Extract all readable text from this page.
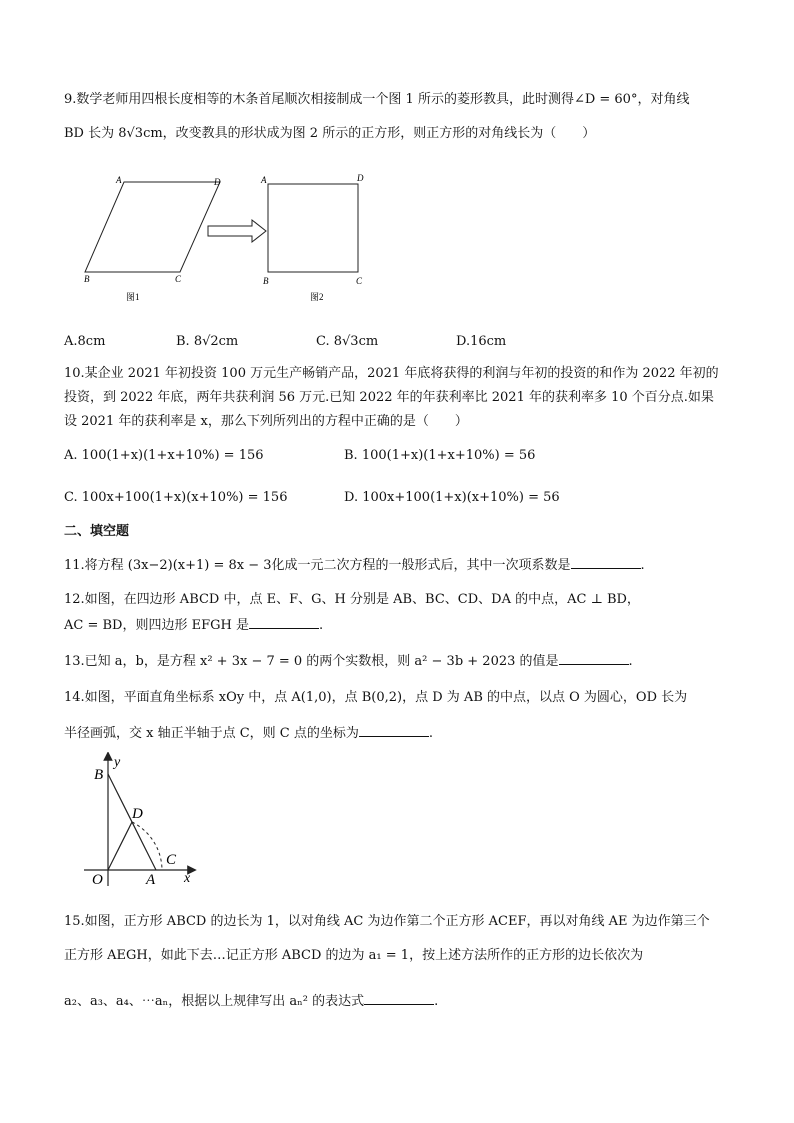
9.数学老师用四根长度相等的木条首尾顺次相接制成一个图 1 所示的菱形教具，此时测得∠D = 60°，对角线
BD 长为 8√3cm，改变教具的形状成为图 2 所示的正方形，则正方形的对角线长为（　　）
A	D
B	C
图1
A	D
B	C
图2
A.8cm	B. 8√2cm	C. 8√3cm	D.16cm
10.某企业 2021 年初投资 100 万元生产畅销产品，2021 年底将获得的利润与年初的投资的和作为 2022 年初的
投资，到 2022 年底，两年共获利润 56 万元.已知 2022 年的年获利率比 2021 年的获利率多 10 个百分点.如果
设 2021 年的获利率是 x，那么下列所列出的方程中正确的是（　　）
A. 100(1+x)(1+x+10%) = 156	B. 100(1+x)(1+x+10%) = 56
C. 100x+100(1+x)(x+10%) = 156	D. 100x+100(1+x)(x+10%) = 56
二、填空题
11.将方程 (3x−2)(x+1) = 8x − 3化成一元二次方程的一般形式后，其中一次项系数是	.
12.如图，在四边形 ABCD 中，点 E、F、G、H 分别是 AB、BC、CD、DA 的中点，AC ⊥ BD，
AC = BD，则四边形 EFGH 是	.
13.已知 a，b，是方程 x² + 3x − 7 = 0 的两个实数根，则 a² − 3b + 2023 的值是	.
14.如图，平面直角坐标系 xOy 中，点 A(1,0)，点 B(0,2)，点 D 为 AB 的中点，以点 O 为圆心，OD 长为
半径画弧，交 x 轴正半轴于点 C，则 C 点的坐标为	.
B
y
D
O	A
C
x
15.如图，正方形 ABCD 的边长为 1，以对角线 AC 为边作第二个正方形 ACEF，再以对角线 AE 为边作第三个
正方形 AEGH，如此下去…记正方形 ABCD 的边为 a₁ = 1，按上述方法所作的正方形的边长依次为
a₂、a₃、a₄、⋯aₙ，根据以上规律写出 aₙ² 的表达式	.
